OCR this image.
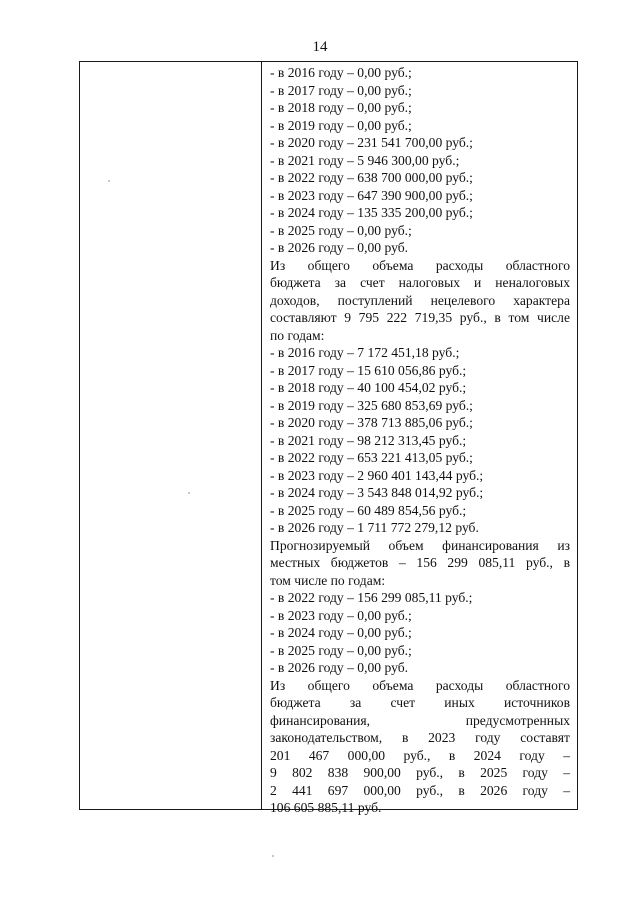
14
- в 2016 году – 0,00 руб.;
- в 2017 году – 0,00 руб.;
- в 2018 году – 0,00 руб.;
- в 2019 году – 0,00 руб.;
- в 2020 году – 231 541 700,00 руб.;
- в 2021 году – 5 946 300,00 руб.;
- в 2022 году – 638 700 000,00 руб.;
- в 2023 году – 647 390 900,00 руб.;
- в 2024 году – 135 335 200,00 руб.;
- в 2025 году – 0,00 руб.;
- в 2026 году – 0,00 руб.
Из общего объема расходы областного
бюджета за счет налоговых и неналоговых
доходов, поступлений нецелевого характера
составляют 9 795 222 719,35 руб., в том числе
по годам:
- в 2016 году – 7 172 451,18 руб.;
- в 2017 году – 15 610 056,86 руб.;
- в 2018 году – 40 100 454,02 руб.;
- в 2019 году – 325 680 853,69 руб.;
- в 2020 году – 378 713 885,06 руб.;
- в 2021 году – 98 212 313,45 руб.;
- в 2022 году – 653 221 413,05 руб.;
- в 2023 году – 2 960 401 143,44 руб.;
- в 2024 году – 3 543 848 014,92 руб.;
- в 2025 году – 60 489 854,56 руб.;
- в 2026 году – 1 711 772 279,12 руб.
Прогнозируемый объем финансирования из
местных бюджетов – 156 299 085,11 руб., в
том числе по годам:
- в 2022 году – 156 299 085,11 руб.;
- в 2023 году – 0,00 руб.;
- в 2024 году – 0,00 руб.;
- в 2025 году – 0,00 руб.;
- в 2026 году – 0,00 руб.
Из общего объема расходы областного
бюджета за счет иных источников
финансирования, предусмотренных
законодательством, в 2023 году составят
201 467 000,00 руб., в 2024 году –
9 802 838 900,00 руб., в 2025 году –
2 441 697 000,00 руб., в 2026 году –
106 605 885,11 руб.
